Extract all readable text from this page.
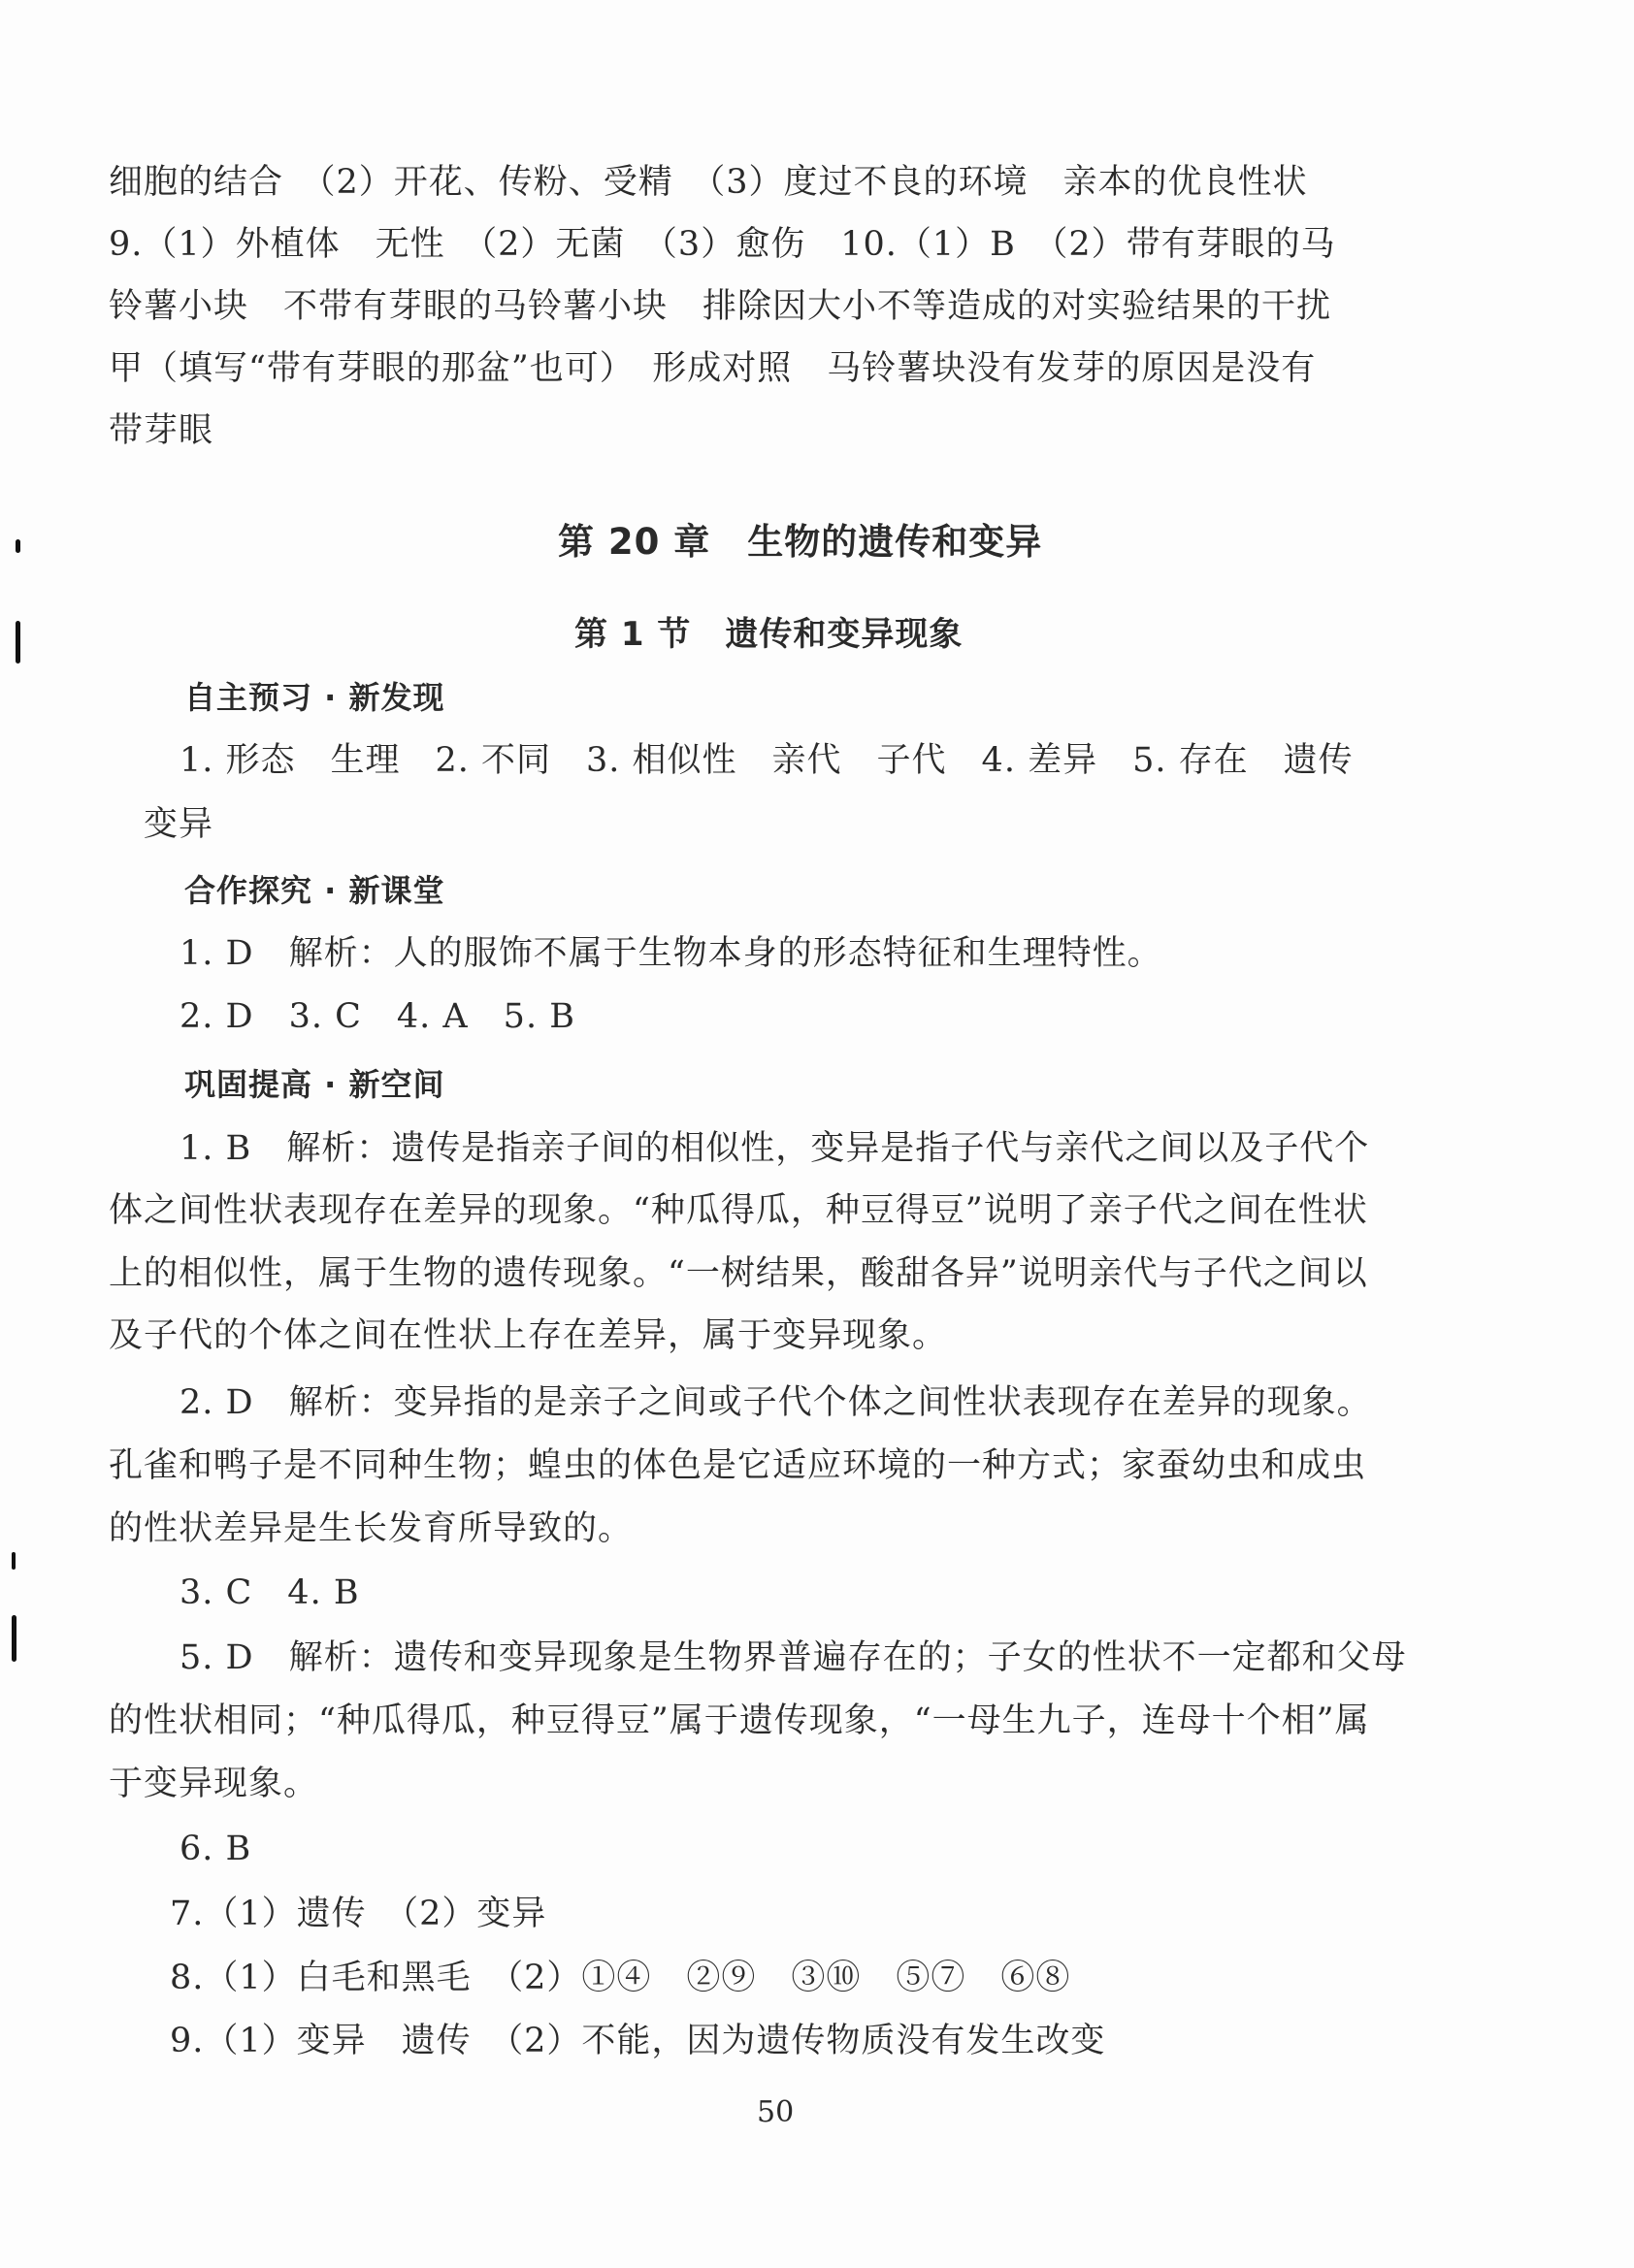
细胞的结合　（2）开花、传粉、受精　（3）度过不良的环境　亲本的优良性状
9.（1）外植体　无性　（2）无菌　（3）愈伤　10.（1）B　（2）带有芽眼的马
铃薯小块　不带有芽眼的马铃薯小块　排除因大小不等造成的对实验结果的干扰
甲（填写“带有芽眼的那盆”也可）　形成对照　马铃薯块没有发芽的原因是没有
带芽眼
第 20 章　生物的遗传和变异
第 1 节　遗传和变异现象
自主预习 · 新发现
1. 形态　生理　2. 不同　3. 相似性　亲代　子代　4. 差异　5. 存在　遗传
变异
合作探究 · 新课堂
1. D　解析：人的服饰不属于生物本身的形态特征和生理特性。
2. D　3. C　4. A　5. B
巩固提高 · 新空间
1. B　解析：遗传是指亲子间的相似性，变异是指子代与亲代之间以及子代个
体之间性状表现存在差异的现象。“种瓜得瓜，种豆得豆”说明了亲子代之间在性状
上的相似性，属于生物的遗传现象。“一树结果，酸甜各异”说明亲代与子代之间以
及子代的个体之间在性状上存在差异，属于变异现象。
2. D　解析：变异指的是亲子之间或子代个体之间性状表现存在差异的现象。
孔雀和鸭子是不同种生物；蝗虫的体色是它适应环境的一种方式；家蚕幼虫和成虫
的性状差异是生长发育所导致的。
3. C　4. B
5. D　解析：遗传和变异现象是生物界普遍存在的；子女的性状不一定都和父母
的性状相同；“种瓜得瓜，种豆得豆”属于遗传现象，“一母生九子，连母十个相”属
于变异现象。
6. B
7.（1）遗传　（2）变异
8.（1）白毛和黑毛　（2）①④　②⑨　③⑩　⑤⑦　⑥⑧
9.（1）变异　遗传　（2）不能，因为遗传物质没有发生改变
50
